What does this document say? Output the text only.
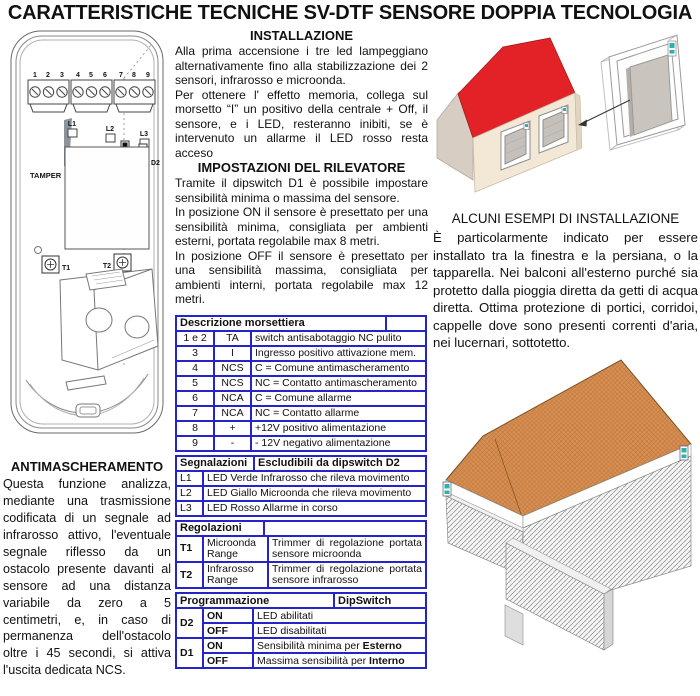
CARATTERISTICHE TECNICHE SV-DTF SENSORE DOPPIA TECNOLOGIA
1 2 3 4 5 6 7 8 9
TAMPER
L1
L2
L3
D2
T1	T2
ANTIMASCHERAMENTO

Questa funzione analizza, mediante una trasmissione codificata di un segnale ad infrarosso attivo, l'eventuale segnale riflesso da un ostacolo presente davanti al sensore ad una distanza variabile da zero a 5 centimetri, e, in caso di permanenza dell'ostacolo oltre i 45 secondi, si attiva l'uscita dedicata NCS.

INSTALLAZIONE

Alla prima accensione i tre led lampeggiano alternativamente fino alla stabilizzazione dei 2 sensori, infrarosso e microonda.

Per ottenere l' effetto memoria, collega sul morsetto “I” un positivo della centrale + Off, il sensore, e i LED, resteranno inibiti, se è intervenuto un allarme il LED rosso resta acceso

IMPOSTAZIONI DEL RILEVATORE

Tramite il dipswitch D1 è possibile impostare sensibilità minima o massima del sensore.

In posizione ON il sensore è presettato per una sensibilità minima, consigliata per ambienti esterni, portata regolabile max 8 metri.

In posizione OFF il sensore è presettato per una sensibilità massima, consigliata per ambienti interni, portata regolabile max 12 metri.

Descrizione morsettiera	
1 e 2	TA	switch antisabotaggio NC pulito
3	I	Ingresso positivo attivazione mem.
4	NCS	C = Comune antimascheramento
5	NCS	NC = Contatto antimascheramento
6	NCA	C = Comune allarme
7	NCA	NC = Contatto allarme
8	+	+12V positivo alimentazione
9	-	- 12V negativo alimentazione
Segnalazioni	Escludibili da dipswitch D2
L1	LED Verde Infrarosso che rileva movimento
L2	LED Giallo Microonda che rileva movimento
L3	LED Rosso Allarme in corso
Regolazioni	
T1	Microonda Range	Trimmer di regolazione portata sensore microonda
T2	Infrarosso Range	Trimmer di regolazione portata sensore infrarosso
Programmazione	DipSwitch
D2	ON	LED abilitati
	OFF	LED disabilitati
D1	ON	Sensibilità minima per Esterno
	OFF	Massima sensibilità per Interno
ALCUNI ESEMPI DI INSTALLAZIONE

È particolarmente indicato per essere installato tra la finestra e la persiana, o la tapparella. Nei balconi all'esterno purché sia protetto dalla pioggia diretta da getti di acqua diretta. Ottima protezione di portici, corridoi, cappelle dove sono presenti correnti d'aria, nei lucernari, sottotetto.
